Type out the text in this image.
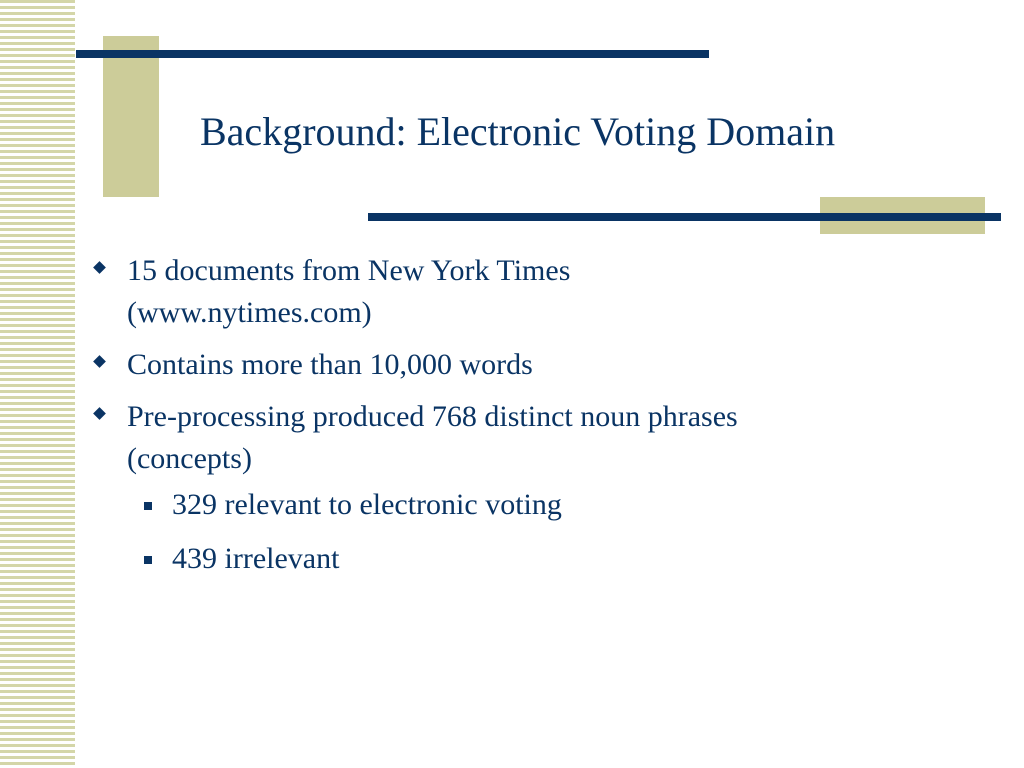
Background: Electronic Voting Domain
15 documents from New York Times
(www.nytimes.com)
Contains more than 10,000 words
Pre-processing produced 768 distinct noun phrases
(concepts)
329 relevant to electronic voting
439 irrelevant
